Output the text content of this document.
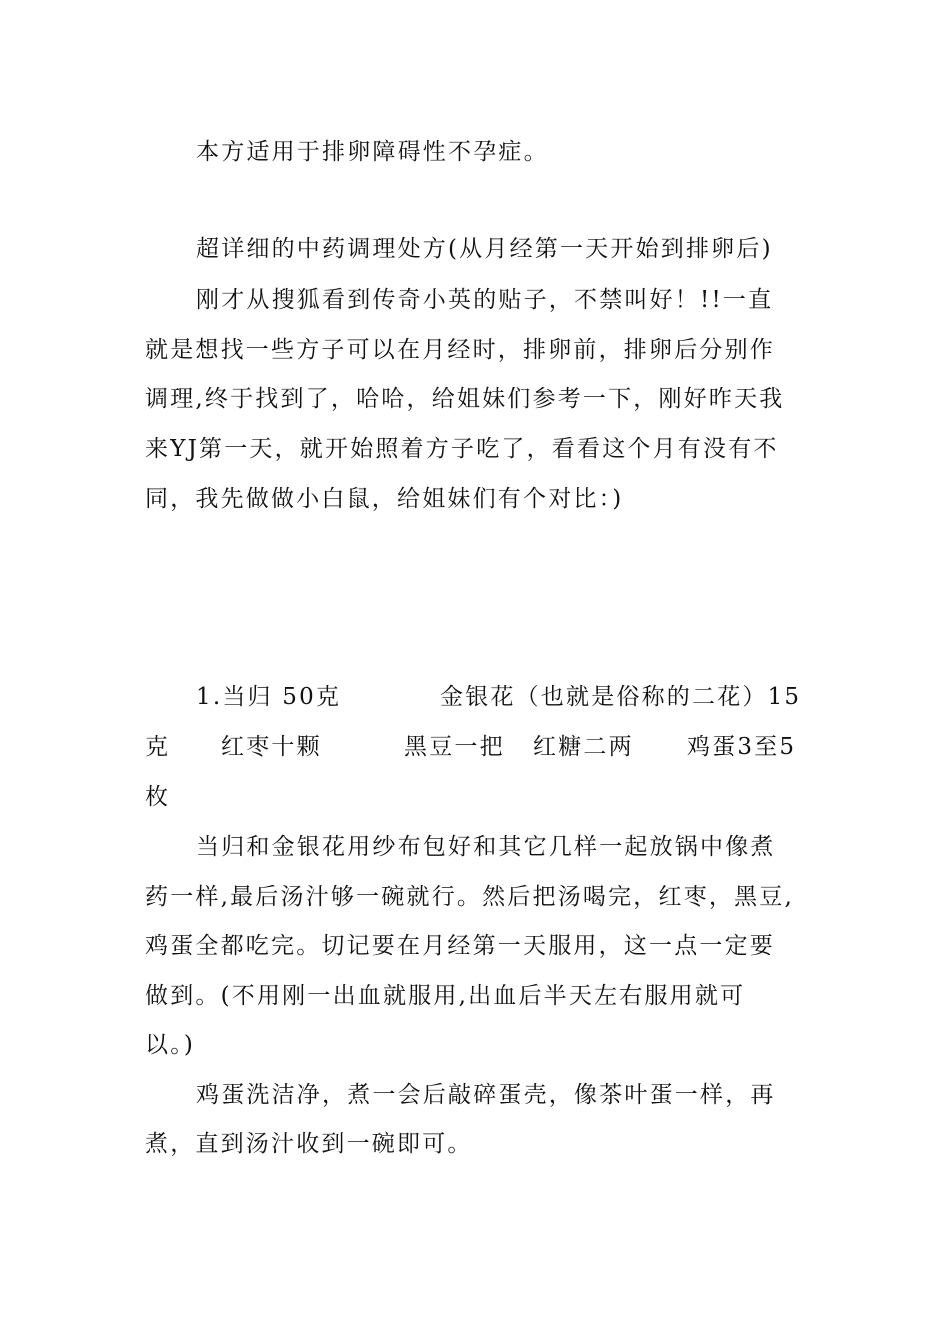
本方适用于排卵障碍性不孕症。
超详细的中药调理处方(从月经第一天开始到排卵后)
刚才从搜狐看到传奇小英的贴子，不禁叫好！!!一直
就是想找一些方子可以在月经时，排卵前，排卵后分别作
调理,终于找到了，哈哈，给姐妹们参考一下，刚好昨天我
来YJ第一天，就开始照着方子吃了，看看这个月有没有不
同，我先做做小白鼠，给姐妹们有个对比：)
1.当归 50克	金银花（也就是俗称的二花）15
克 红枣十颗	黑豆一把 红糖二两 鸡蛋3至5
枚
当归和金银花用纱布包好和其它几样一起放锅中像煮
药一样,最后汤汁够一碗就行。然后把汤喝完，红枣，黑豆,
鸡蛋全都吃完。切记要在月经第一天服用，这一点一定要
做到。(不用刚一出血就服用,出血后半天左右服用就可
以。)
鸡蛋洗洁净，煮一会后敲碎蛋壳，像茶叶蛋一样，再
煮，直到汤汁收到一碗即可。
